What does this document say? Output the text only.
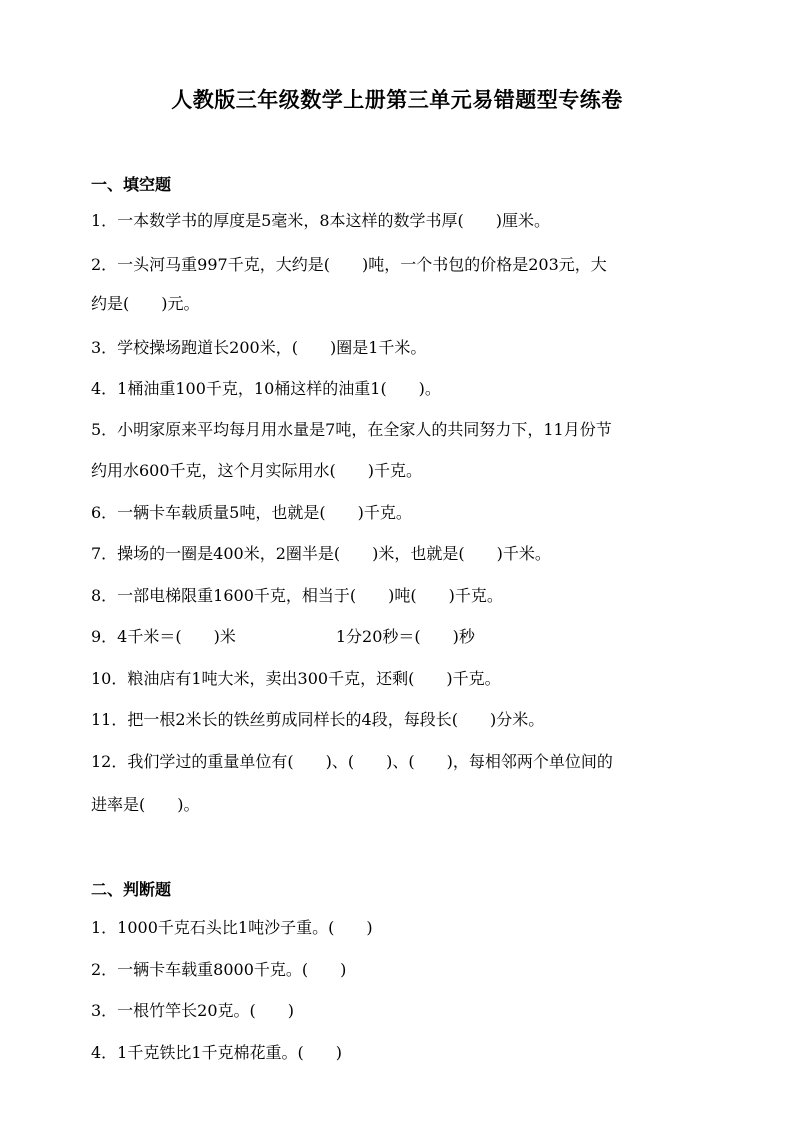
人教版三年级数学上册第三单元易错题型专练卷
一、填空题
1．一本数学书的厚度是5毫米，8本这样的数学书厚(　　)厘米。
2．一头河马重997千克，大约是(　　)吨，一个书包的价格是203元，大
约是(　　)元。
3．学校操场跑道长200米，(　　)圈是1千米。
4．1桶油重100千克，10桶这样的油重1(　　)。
5．小明家原来平均每月用水量是7吨，在全家人的共同努力下，11月份节
约用水600千克，这个月实际用水(　　)千克。
6．一辆卡车载质量5吨，也就是(　　)千克。
7．操场的一圈是400米，2圈半是(　　)米，也就是(　　)千米。
8．一部电梯限重1600千克，相当于(　　)吨(　　)千克。
9．4千米＝(　　)米	1分20秒＝(　　)秒
10．粮油店有1吨大米，卖出300千克，还剩(　　)千克。
11．把一根2米长的铁丝剪成同样长的4段，每段长(　　)分米。
12．我们学过的重量单位有(　　)、(　　)、(　　)，每相邻两个单位间的
进率是(　　)。
二、判断题
1．1000千克石头比1吨沙子重。(　　)
2．一辆卡车载重8000千克。(　　)
3．一根竹竿长20克。(　　)
4．1千克铁比1千克棉花重。(　　)
